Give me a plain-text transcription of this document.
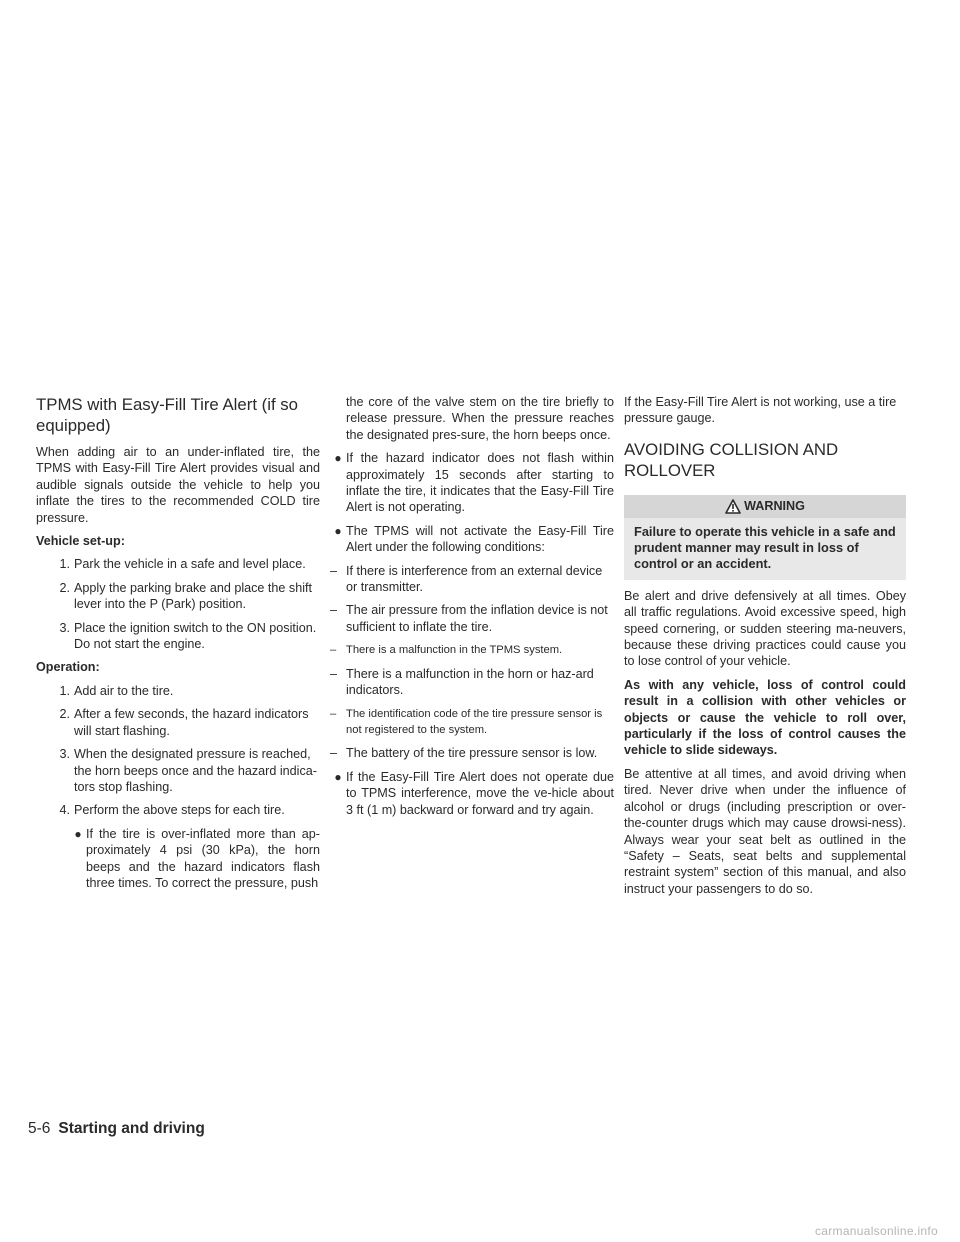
TPMS with Easy-Fill Tire Alert (if so equipped)

When adding air to an under-inflated tire, the TPMS with Easy-Fill Tire Alert provides visual and audible signals outside the vehicle to help you inflate the tires to the recommended COLD tire pressure.

Vehicle set-up:

1. Park the vehicle in a safe and level place.
2. Apply the parking brake and place the shift lever into the P (Park) position.
3. Place the ignition switch to the ON position. Do not start the engine.

Operation:

1. Add air to the tire.
2. After a few seconds, the hazard indicators will start flashing.
3. When the designated pressure is reached, the horn beeps once and the hazard indica-tors stop flashing.
4. Perform the above steps for each tire.
● If the tire is over-inflated more than ap-proximately 4 psi (30 kPa), the horn beeps and the hazard indicators flash three times. To correct the pressure, push

the core of the valve stem on the tire briefly to release pressure. When the pressure reaches the designated pres-sure, the horn beeps once.

● If the hazard indicator does not flash within approximately 15 seconds after starting to inflate the tire, it indicates that the Easy-Fill Tire Alert is not operating.
● The TPMS will not activate the Easy-Fill Tire Alert under the following conditions:
– If there is interference from an external device or transmitter.
– The air pressure from the inflation device is not sufficient to inflate the tire.
– There is a malfunction in the TPMS system.
– There is a malfunction in the horn or haz-ard indicators.
– The identification code of the tire pressure sensor is not registered to the system.
– The battery of the tire pressure sensor is low.
● If the Easy-Fill Tire Alert does not operate due to TPMS interference, move the ve-hicle about 3 ft (1 m) backward or forward and try again.

If the Easy-Fill Tire Alert is not working, use a tire pressure gauge.

AVOIDING COLLISION AND ROLLOVER
WARNING
Failure to operate this vehicle in a safe and prudent manner may result in loss of control or an accident.

Be alert and drive defensively at all times. Obey all traffic regulations. Avoid excessive speed, high speed cornering, or sudden steering ma-neuvers, because these driving practices could cause you to lose control of your vehicle.

As with any vehicle, loss of control could result in a collision with other vehicles or objects or cause the vehicle to roll over, particularly if the loss of control causes the vehicle to slide sideways.

Be attentive at all times, and avoid driving when tired. Never drive when under the influence of alcohol or drugs (including prescription or over-the-counter drugs which may cause drowsi-ness). Always wear your seat belt as outlined in the “Safety – Seats, seat belts and supplemental restraint system” section of this manual, and also instruct your passengers to do so.

5-6 Starting and driving
carmanualsonline.info
